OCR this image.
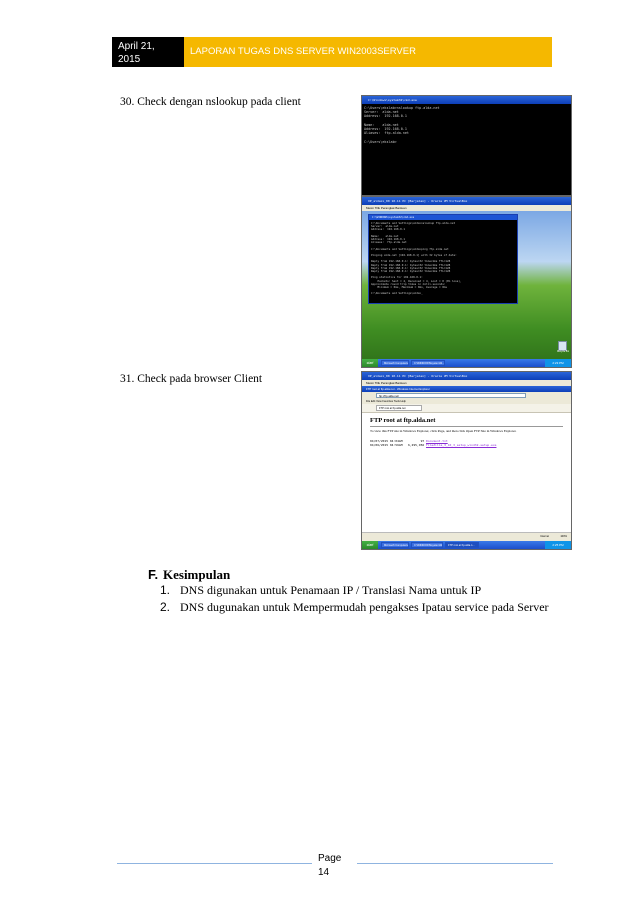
April 21, 2015
LAPORAN TUGAS DNS SERVER WIN2003SERVER
30. Check dengan nslookup pada client	C:\Windows\system32\cmd.exe
C:\Users\ekslab>nslookup ftp.alda.net
Server:  alda.net
Address:  192.168.0.1

Name:    alda.net
Address:  192.168.0.1
Aliases:  ftp.alda.net

C:\Users\ekslab>
XP_aldaxx_00 10.11 PC [Berjalan] - Oracle VM VirtualBox
Mesin Tilik Perangkat Bantuan
C:\WINDOWS\system32\cmd.exe
C:\Documents and Settings\alda>nslookup ftp.alda.net
Server:  alda.net
Address:  192.168.0.1

Name:    alda.net
Address:  192.168.0.1
Aliases:  ftp.alda.net

C:\Documents and Settings\alda>ping ftp.alda.net

Pinging alda.net [192.168.0.1] with 32 bytes of data:

Reply from 192.168.0.1: bytes=32 time<1ms TTL=128
Reply from 192.168.0.1: bytes=32 time<1ms TTL=128
Reply from 192.168.0.1: bytes=32 time<1ms TTL=128
Reply from 192.168.0.1: bytes=32 time<1ms TTL=128

Ping statistics for 192.168.0.1:
Packets: Sent = 4, Received = 4, Lost = 0 (0% loss),
Approximate round trip times in milli-seconds:
Minimum = 0ms, Maximum = 0ms, Average = 0ms

C:\Documents and Settings\alda>_
Recycle Bin
start	Microsoft Computers	C:\WINDOWS\system32...	2:23 PM
31. Check pada browser Client	XP_aldaxx_00 10.11 PC [Berjalan] - Oracle VM VirtualBox
Mesin Tilik Perangkat Bantuan
FTP root at ftp.alda.net - Windows Internet Explorer
ftp://ftp.alda.net/
File Edit View Favorites Tools Help
FTP root at ftp.alda.net
FTP root at ftp.alda.net
To view this FTP site in Windows Explorer, click Page, and then click Open FTP Site in Windows Explorer.
04/07/2015 04:04AM	97 Document.txt
04/06/2015 04:56AM 6,295,956 FileZilla_3_10_3_setup_wind32-setup.exe
Internet	100%
start	Microsoft Computers	C:\WINDOWS\system32	FTP root at ftp.alda.n...	2:25 PM
F. Kesimpulan
1. DNS digunakan untuk Penamaan IP / Translasi Nama untuk IP
2. DNS dugunakan untuk Mempermudah pengakses Ipatau service pada Server
Page
14
